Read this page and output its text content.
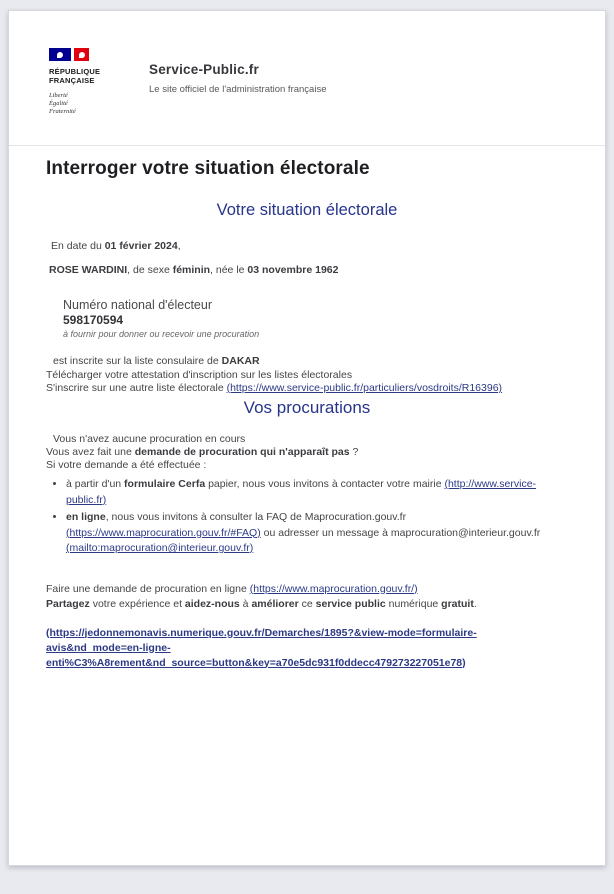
RÉPUBLIQUE
FRANÇAISE
Liberté
Égalité
Fraternité
Service-Public.fr
Le site officiel de l'administration française
Interroger votre situation électorale
Votre situation électorale

En date du 01 février 2024,

ROSE WARDINI, de sexe féminin, née le 03 novembre 1962

Numéro national d'électeur
598170594
à fournir pour donner ou recevoir une procuration

est inscrite sur la liste consulaire de DAKAR

Télécharger votre attestation d'inscription sur les listes électorales

S'inscrire sur une autre liste électorale (https://www.service-public.fr/particuliers/vosdroits/R16396)

Vos procurations

Vous n'avez aucune procuration en cours

Vous avez fait une demande de procuration qui n'apparaît pas ?

Si votre demande a été effectuée :

• à partir d'un formulaire Cerfa papier, nous vous invitons à contacter votre mairie (http://www.service-public.fr)
• en ligne, nous vous invitons à consulter la FAQ de Maprocuration.gouv.fr (https://www.maprocuration.gouv.fr/#FAQ) ou adresser un message à maprocuration@interieur.gouv.fr (mailto:maprocuration@interieur.gouv.fr)

Faire une demande de procuration en ligne (https://www.maprocuration.gouv.fr/)

Partagez votre expérience et aidez-nous à améliorer ce service public numérique gratuit.

(https://jedonnemonavis.numerique.gouv.fr/Demarches/1895?&view-mode=formulaire-avis&nd_mode=en-ligne-enti%C3%A8rement&nd_source=button&key=a70e5dc931f0ddecc479273227051e78)
